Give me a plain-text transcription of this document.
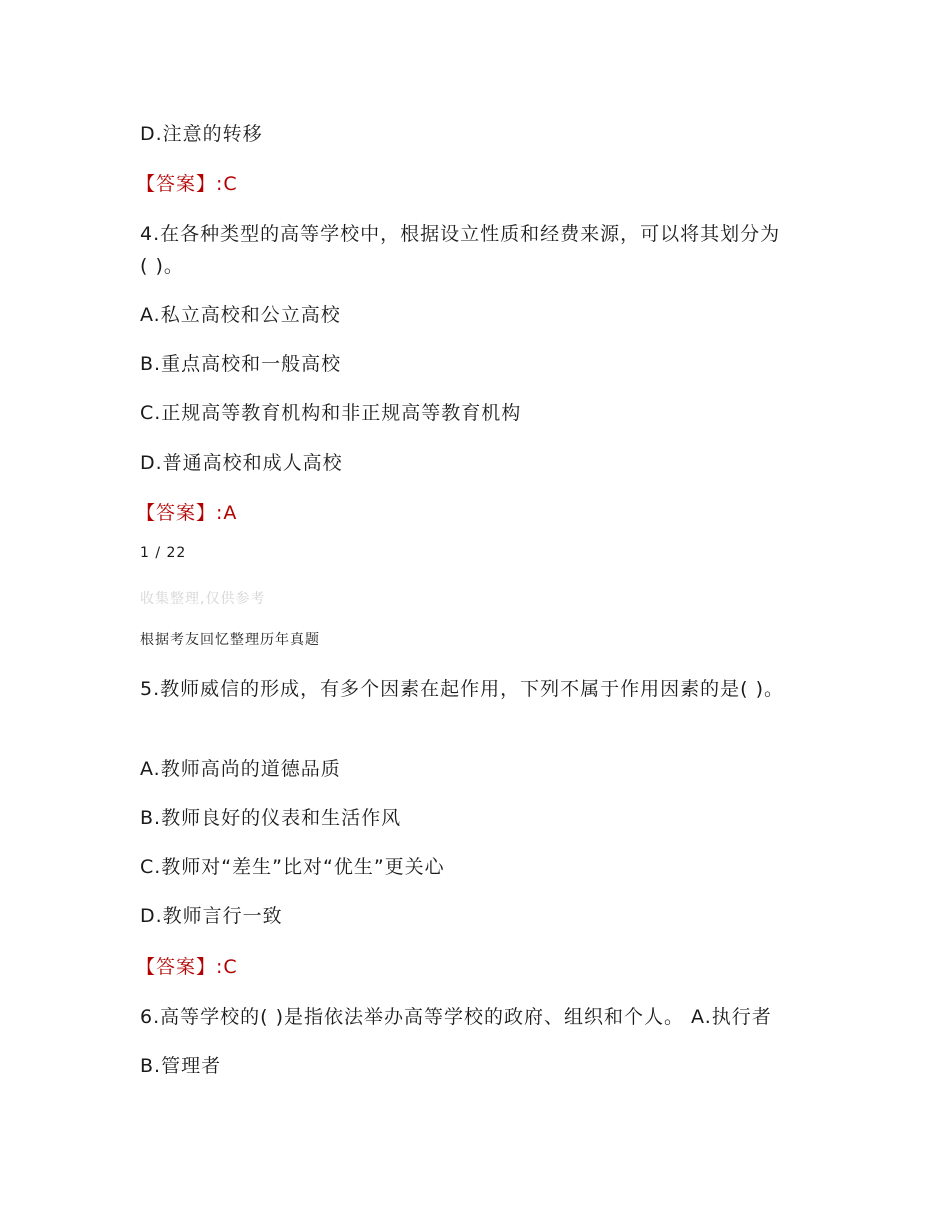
D.注意的转移
【答案】:C
4.在各种类型的高等学校中，根据设立性质和经费来源，可以将其划分为
( )。
A.私立高校和公立高校
B.重点高校和一般高校
C.正规高等教育机构和非正规高等教育机构
D.普通高校和成人高校
【答案】:A
1 / 22
收集整理,仅供参考
根据考友回忆整理历年真题
5.教师威信的形成，有多个因素在起作用，下列不属于作用因素的是( )。
A.教师高尚的道德品质
B.教师良好的仪表和生活作风
C.教师对“差生”比对“优生”更关心
D.教师言行一致
【答案】:C
6.高等学校的( )是指依法举办高等学校的政府、组织和个人。 A.执行者
B.管理者
